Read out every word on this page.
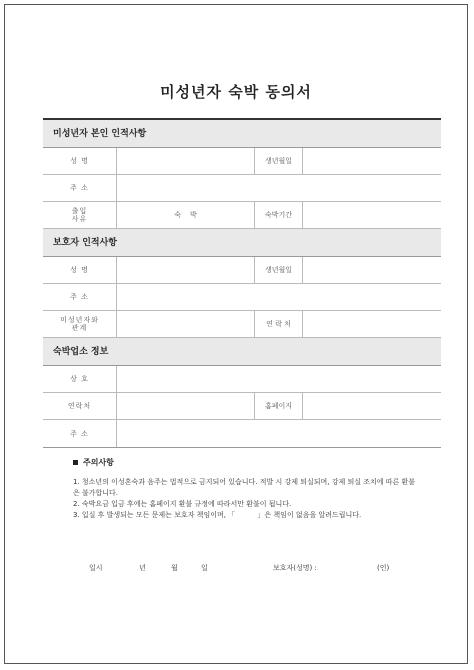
미성년자 숙박 동의서
미성년자 본인 인적사항
성 명	생년월일
주 소
출입
사유	숙    박	숙박기간
보호자 인적사항
성 명	생년월일
주 소
미성년자와
관계	연 락 처
숙박업소 정보
상 호
연락처	홈페이지
주 소
주의사항

1. 청소년의 이성혼숙과 음주는 법적으로 금지되어 있습니다. 적발 시 강제 퇴실되며, 강제 퇴실 조치에 따른 환불은 불가합니다.

2. 숙박요금 입금 후에는 홈페이지 환불 규정에 따라서만 환불이 됩니다.

3. 입실 후 발생되는 모든 문제는 보호자 책임이며, 「          」은 책임이 없음을 알려드립니다.

일시	년	월	일	보호자(성명) :	(인)
